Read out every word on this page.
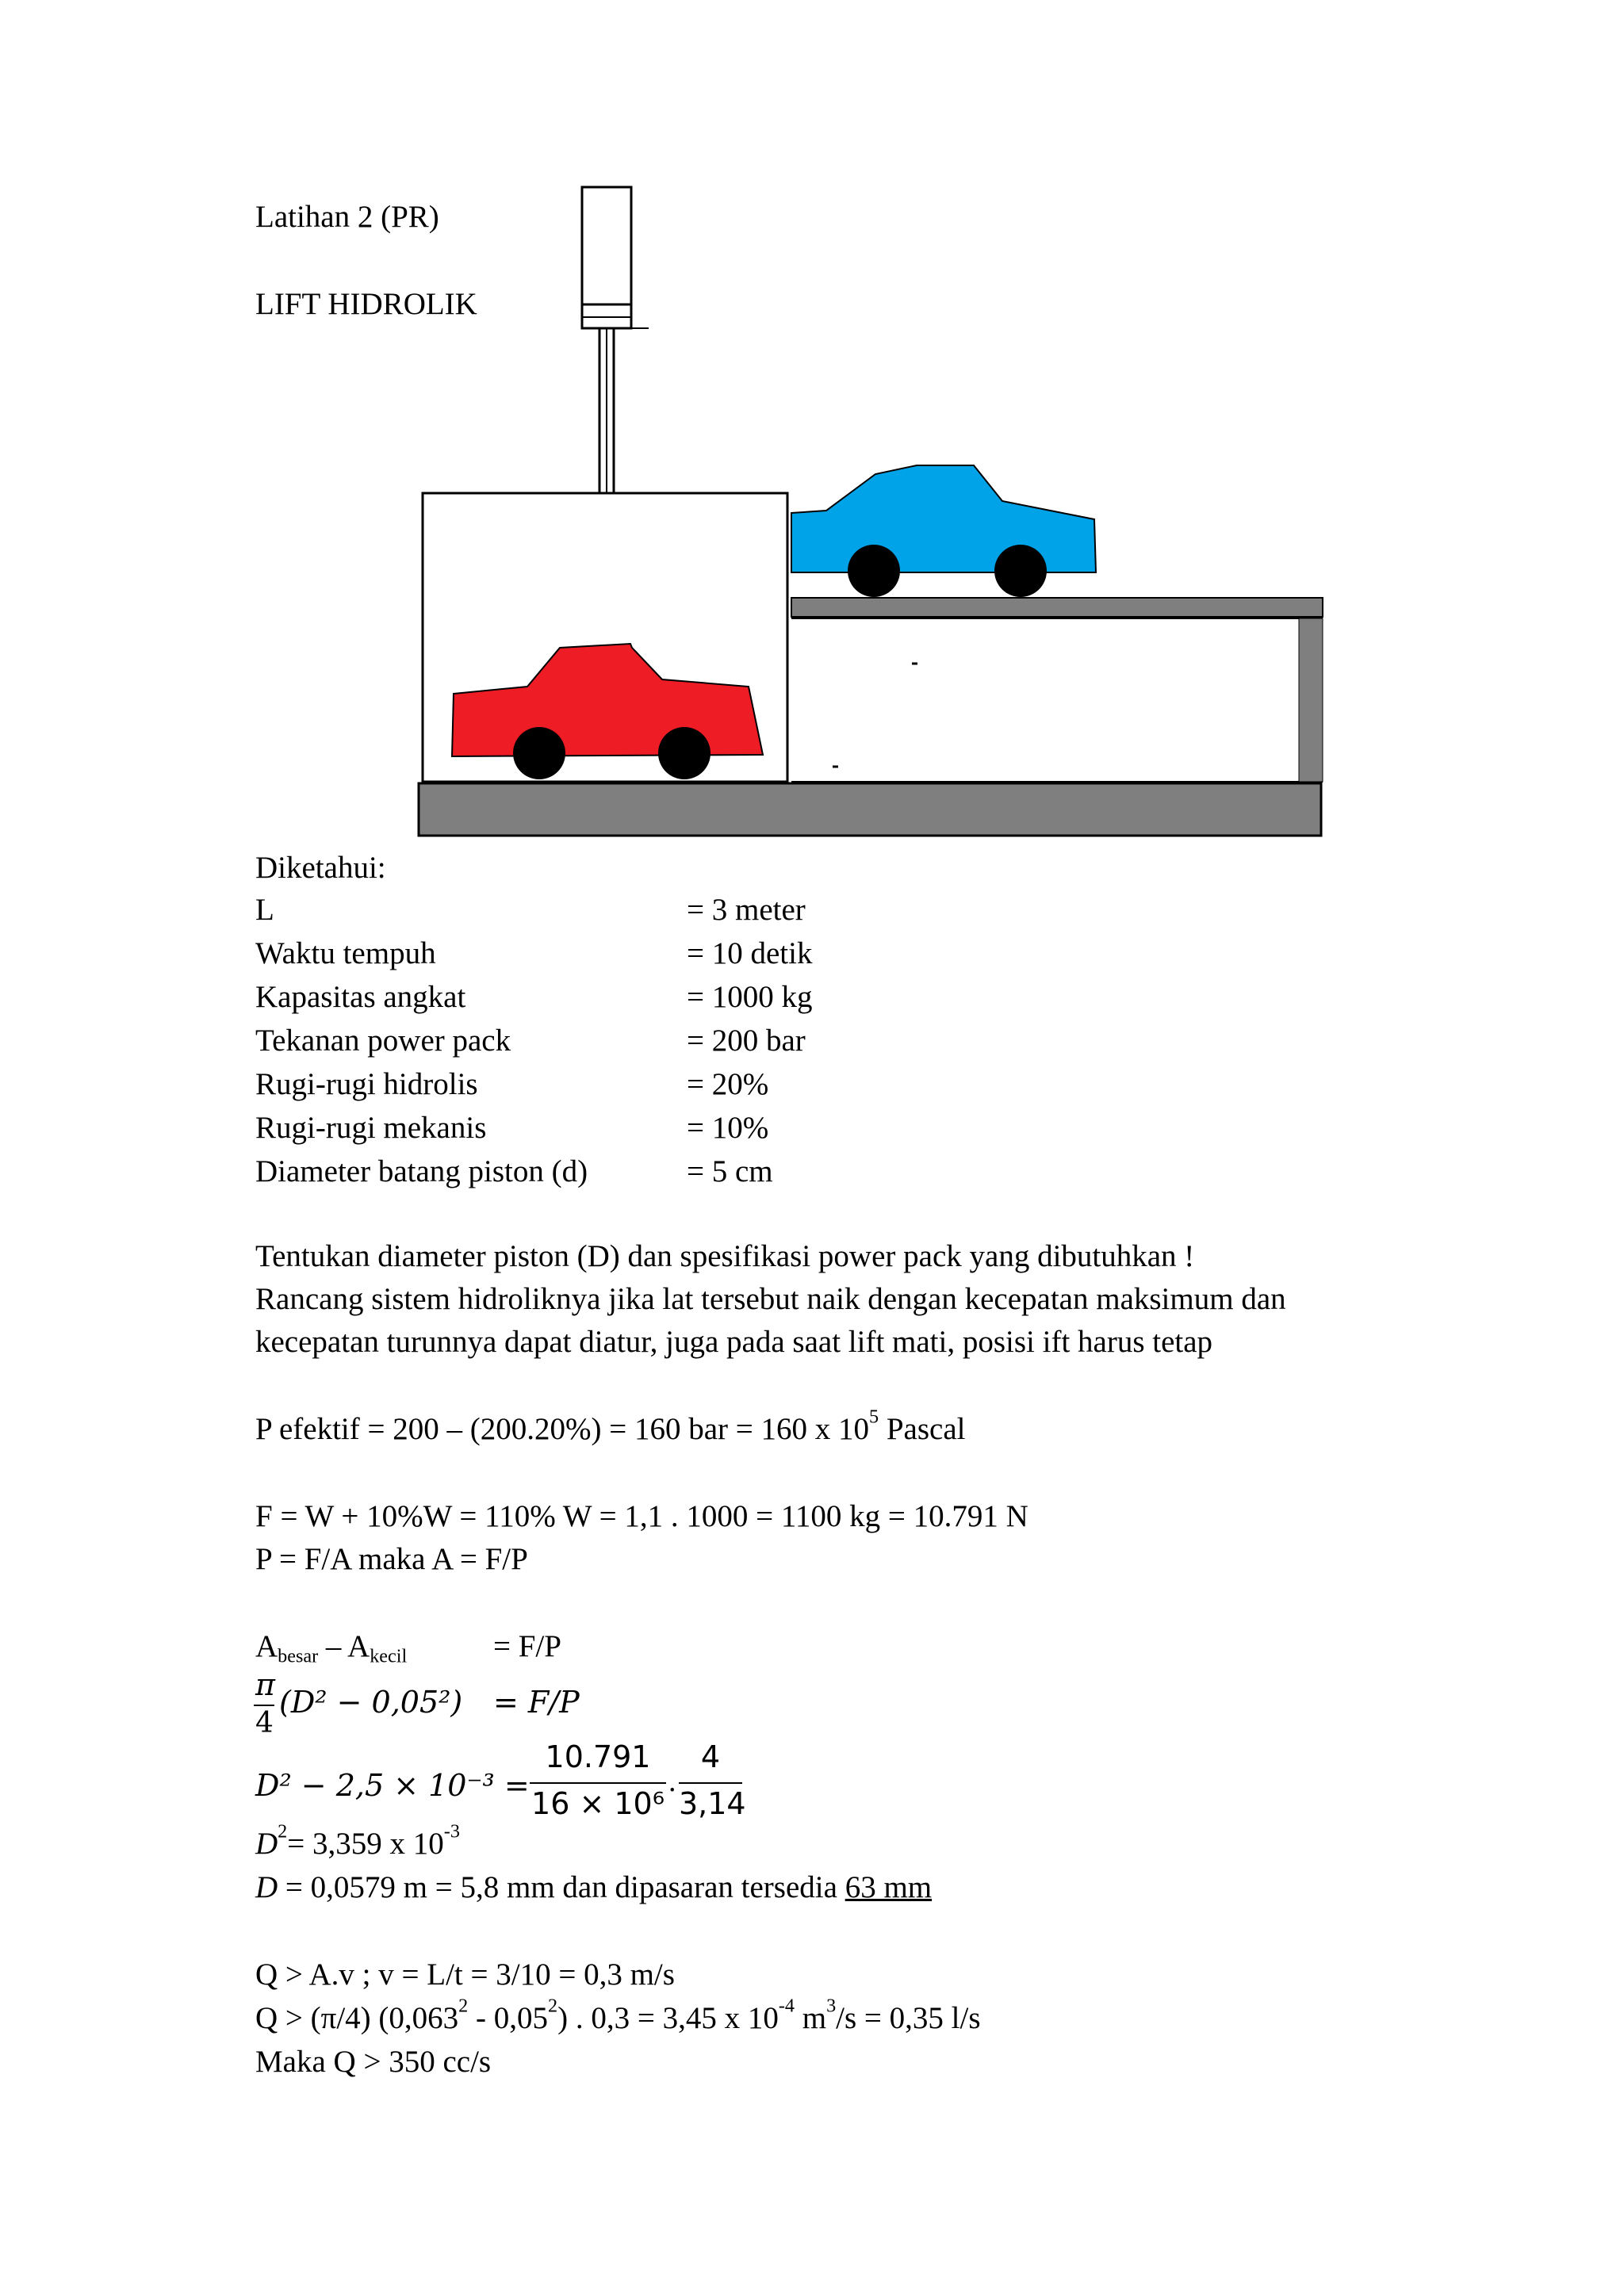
Latihan 2 (PR)
LIFT HIDROLIK
Diketahui:
L	= 3 meter
Waktu tempuh	= 10 detik
Kapasitas angkat	= 1000 kg
Tekanan power pack	= 200 bar
Rugi-rugi hidrolis	= 20%
Rugi-rugi mekanis	= 10%
Diameter batang piston (d)	= 5 cm
Tentukan diameter piston (D) dan spesifikasi power pack yang dibutuhkan !
Rancang sistem hidroliknya jika lat tersebut naik dengan kecepatan maksimum dan
kecepatan turunnya dapat diatur, juga pada saat lift mati, posisi ift harus tetap
P efektif = 200 – (200.20%) = 160 bar = 160 x $10^5$ Pascal
F = W + 10%W = 110% W = 1,1 . 1000 = 1100 kg = 10.791 N
P = F/A maka A = F/P
$A_{besar} - A_{kecil}$	= F/P
π
4
(D² − 0,05²) = F/P
D² − 2,5 × 10⁻³ =
10.791
16 × 10⁶
.
4
3,14
$D^2= 3,359$ x $10^{-3}$
D = 0,0579 m = 5,8 mm dan dipasaran tersedia 63 mm
Q > A.v ; v = L/t = 3/10 = 0,3 m/s
Q > (π/4) (0,063$^2$ - 0,05$^2$) . 0,3 = 3,45 x $10^{-4}$ $m^3/s = 0,35$ l/s
Maka Q > 350 cc/s
